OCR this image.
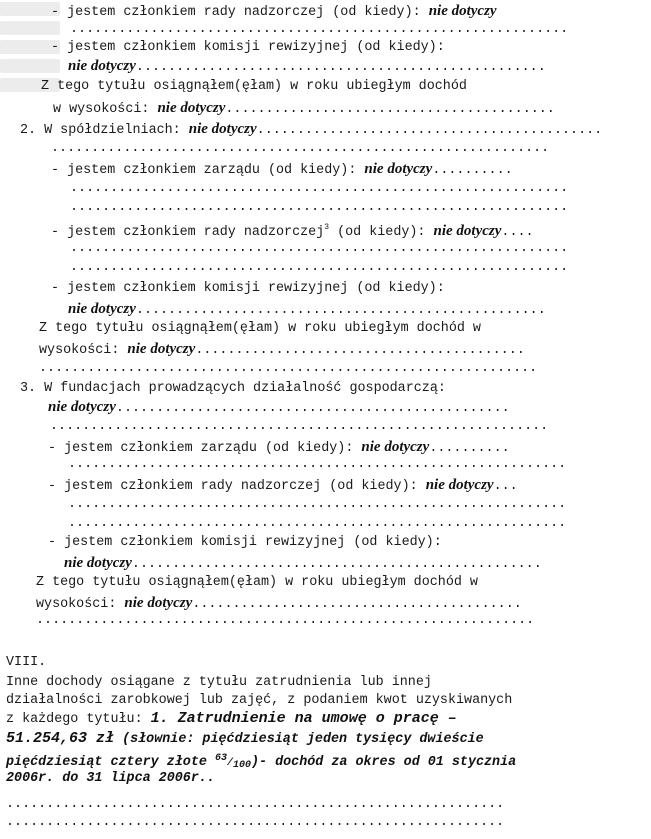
- jestem członkiem rady nadzorczej (od kiedy): nie dotyczy
..............................................................
- jestem członkiem komisji rewizyjnej (od kiedy):
nie dotyczy...................................................
Z tego tytułu osiągnąłem(ęłam) w roku ubiegłym dochód
w wysokości: nie dotyczy.........................................
2. W spółdzielniach: nie dotyczy...........................................
..............................................................
- jestem członkiem zarządu (od kiedy): nie dotyczy..........
..............................................................
..............................................................
- jestem członkiem rady nadzorczej$^3$ (od kiedy): nie dotyczy....
..............................................................
..............................................................
- jestem członkiem komisji rewizyjnej (od kiedy):
nie dotyczy...................................................
Z tego tytułu osiągnąłem(ęłam) w roku ubiegłym dochód w
wysokości: nie dotyczy.........................................
..............................................................
3. W fundacjach prowadzących działalność gospodarczą:
nie dotyczy.................................................
..............................................................
- jestem członkiem zarządu (od kiedy): nie dotyczy..........
..............................................................
- jestem członkiem rady nadzorczej (od kiedy): nie dotyczy...
..............................................................
..............................................................
- jestem członkiem komisji rewizyjnej (od kiedy):
nie dotyczy...................................................
Z tego tytułu osiągnąłem(ęłam) w roku ubiegłym dochód w
wysokości: nie dotyczy.........................................
..............................................................
VIII.
Inne dochody osiągane z tytułu zatrudnienia lub innej
działalności zarobkowej lub zajęć, z podaniem kwot uzyskiwanych
z każdego tytułu: 1. Zatrudnienie na umowę o pracę –
51.254,63 zł (słownie: pięćdziesiąt jeden tysięcy dwieście
pięćdziesiąt cztery złote 63/100)- dochód za okres od 01 stycznia
2006r. do 31 lipca 2006r..
..............................................................
..............................................................
